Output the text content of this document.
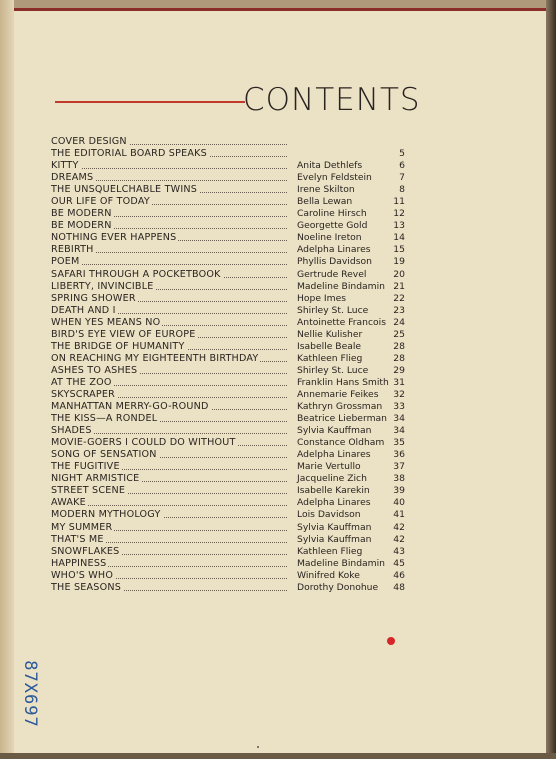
CONTENTS
COVER DESIGN
THE EDITORIAL BOARD SPEAKS	5
KITTY	Anita Dethlefs	6
DREAMS	Evelyn Feldstein	7
THE UNSQUELCHABLE TWINS	Irene Skilton	8
OUR LIFE OF TODAY	Bella Lewan	11
BE MODERN	Caroline Hirsch	12
BE MODERN	Georgette Gold	13
NOTHING EVER HAPPENS	Noeline Ireton	14
REBIRTH	Adelpha Linares	15
POEM	Phyllis Davidson	19
SAFARI THROUGH A POCKETBOOK	Gertrude Revel	20
LIBERTY, INVINCIBLE	Madeline Bindamin 21
SPRING SHOWER	Hope Imes	22
DEATH AND I	Shirley St. Luce	23
WHEN YES MEANS NO	Antoinette Francois 24
BIRD'S EYE VIEW OF EUROPE	Nellie Kulisher	25
THE BRIDGE OF HUMANITY	Isabelle Beale	28
ON REACHING MY EIGHTEENTH BIRTHDAY	Kathleen Flieg	28
ASHES TO ASHES	Shirley St. Luce	29
AT THE ZOO	Franklin Hans Smith 31
SKYSCRAPER	Annemarie Feikes	32
MANHATTAN MERRY-GO-ROUND	Kathryn Grossman	33
THE KISS—A RONDEL	Beatrice Lieberman 34
SHADES	Sylvia Kauffman	34
MOVIE-GOERS I COULD DO WITHOUT	Constance Oldham 35
SONG OF SENSATION	Adelpha Linares	36
THE FUGITIVE	Marie Vertullo	37
NIGHT ARMISTICE	Jacqueline Zich	38
STREET SCENE	Isabelle Karekin	39
AWAKE	Adelpha Linares	40
MODERN MYTHOLOGY	Lois Davidson	41
MY SUMMER	Sylvia Kauffman	42
THAT'S ME	Sylvia Kauffman	42
SNOWFLAKES	Kathleen Flieg	43
HAPPINESS	Madeline Bindamin 45
WHO'S WHO	Winifred Koke	46
THE SEASONS	Dorothy Donohue	48
87X697
